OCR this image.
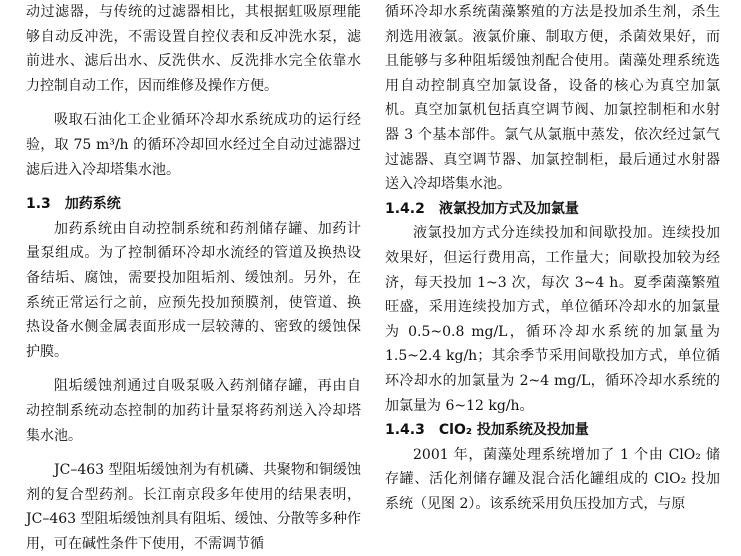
动过滤器，与传统的过滤器相比，其根据虹吸原理能够自动反冲洗，不需设置自控仪表和反冲洗水泵，滤前进水、滤后出水、反洗供水、反洗排水完全依靠水力控制自动工作，因而维修及操作方便。

吸取石油化工企业循环冷却水系统成功的运行经验，取 75 m³/h 的循环冷却回水经过全自动过滤器过滤后进入冷却塔集水池。

1.3 加药系统

加药系统由自动控制系统和药剂储存罐、加药计量泵组成。为了控制循环冷却水流经的管道及换热设备结垢、腐蚀，需要投加阻垢剂、缓蚀剂。另外，在系统正常运行之前，应预先投加预膜剂，使管道、换热设备水侧金属表面形成一层较薄的、密致的缓蚀保护膜。

阻垢缓蚀剂通过自吸泵吸入药剂储存罐，再由自动控制系统动态控制的加药计量泵将药剂送入冷却塔集水池。

JC–463 型阻垢缓蚀剂为有机磷、共聚物和铜缓蚀剂的复合型药剂。长江南京段多年使用的结果表明，JC–463 型阻垢缓蚀剂具有阻垢、缓蚀、分散等多种作用，可在碱性条件下使用，不需调节循

循环冷却水系统菌藻繁殖的方法是投加杀生剂，杀生剂选用液氯。液氯价廉、制取方便，杀菌效果好，而且能够与多种阻垢缓蚀剂配合使用。菌藻处理系统选用自动控制真空加氯设备，设备的核心为真空加氯机。真空加氯机包括真空调节阀、加氯控制柜和水射器 3 个基本部件。氯气从氯瓶中蒸发，依次经过氯气过滤器、真空调节器、加氯控制柜，最后通过水射器送入冷却塔集水池。

1.4.2 液氯投加方式及加氯量

液氯投加方式分连续投加和间歇投加。连续投加效果好，但运行费用高，工作量大；间歇投加较为经济，每天投加 1~3 次，每次 3~4 h。夏季菌藻繁殖旺盛，采用连续投加方式，单位循环冷却水的加氯量为 0.5~0.8 mg/L，循环冷却水系统的加氯量为 1.5~2.4 kg/h；其余季节采用间歇投加方式，单位循环冷却水的加氯量为 2~4 mg/L，循环冷却水系统的加氯量为 6~12 kg/h。

1.4.3 ClO₂ 投加系统及投加量

2001 年，菌藻处理系统增加了 1 个由 ClO₂ 储存罐、活化剂储存罐及混合活化罐组成的 ClO₂ 投加系统（见图 2）。该系统采用负压投加方式，与原
